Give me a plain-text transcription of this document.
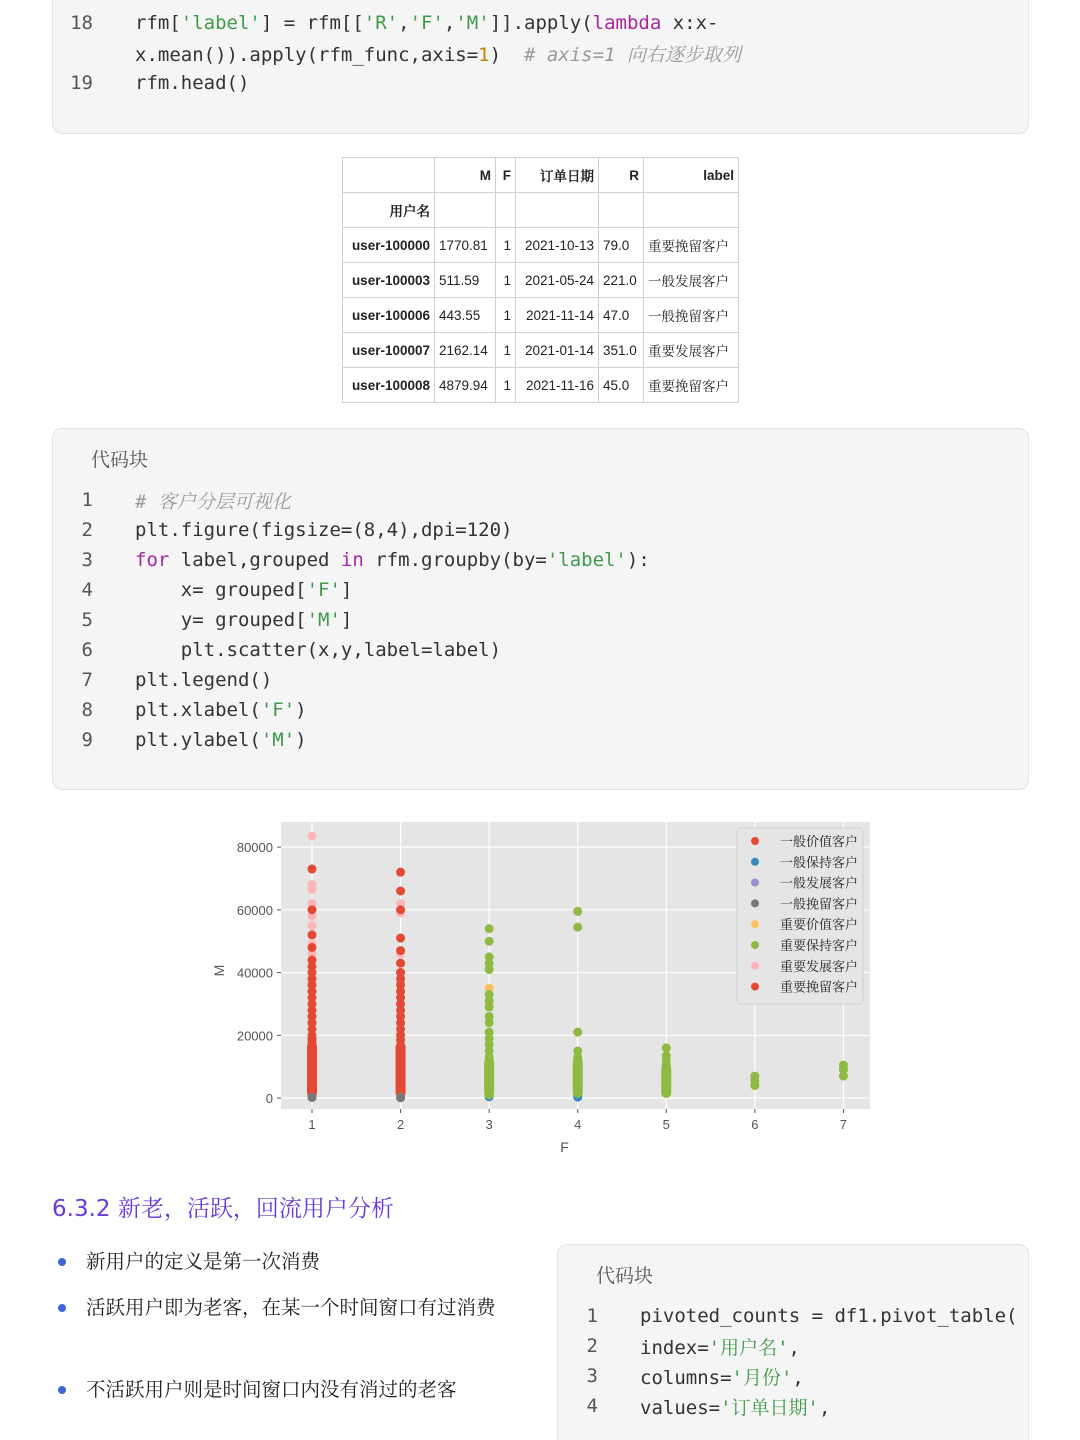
18 rfm['label'] = rfm[['R','F','M']].apply(lambda x:x-
x.mean()).apply(rfm_func,axis=1)  # axis=1 向右逐步取列
19 rfm.head()
	M	F	订单日期	R	label
用户名					
user-100000	1770.81	1	2021-10-13	79.0	重要挽留客户
user-100003	511.59	1	2021-05-24	221.0	一般发展客户
user-100006	443.55	1	2021-11-14	47.0	一般挽留客户
user-100007	2162.14	1	2021-01-14	351.0	重要发展客户
user-100008	4879.94	1	2021-11-16	45.0	重要挽留客户
代码块
1 # 客户分层可视化
2 plt.figure(figsize=(8,4),dpi=120)
3 for label,grouped in rfm.groupby(by='label'):
4 x= grouped['F']
5 y= grouped['M']
6 plt.scatter(x,y,label=label)
7 plt.legend()
8 plt.xlabel('F')
9 plt.ylabel('M')
1	2	3	4	5	6	7
0
20000
40000
60000
80000
F
M
一般价值客户
一般保持客户
一般发展客户
一般挽留客户
重要价值客户
重要保持客户
重要发展客户
重要挽留客户
6.3.2 新老，活跃，回流用户分析
新用户的定义是第一次消费
活跃用户即为老客，在某一个时间窗口有过消费
不活跃用户则是时间窗口内没有消过的老客
代码块
1 pivoted_counts = df1.pivot_table(
2 index='用户名',
3 columns='月份',
4 values='订单日期',
